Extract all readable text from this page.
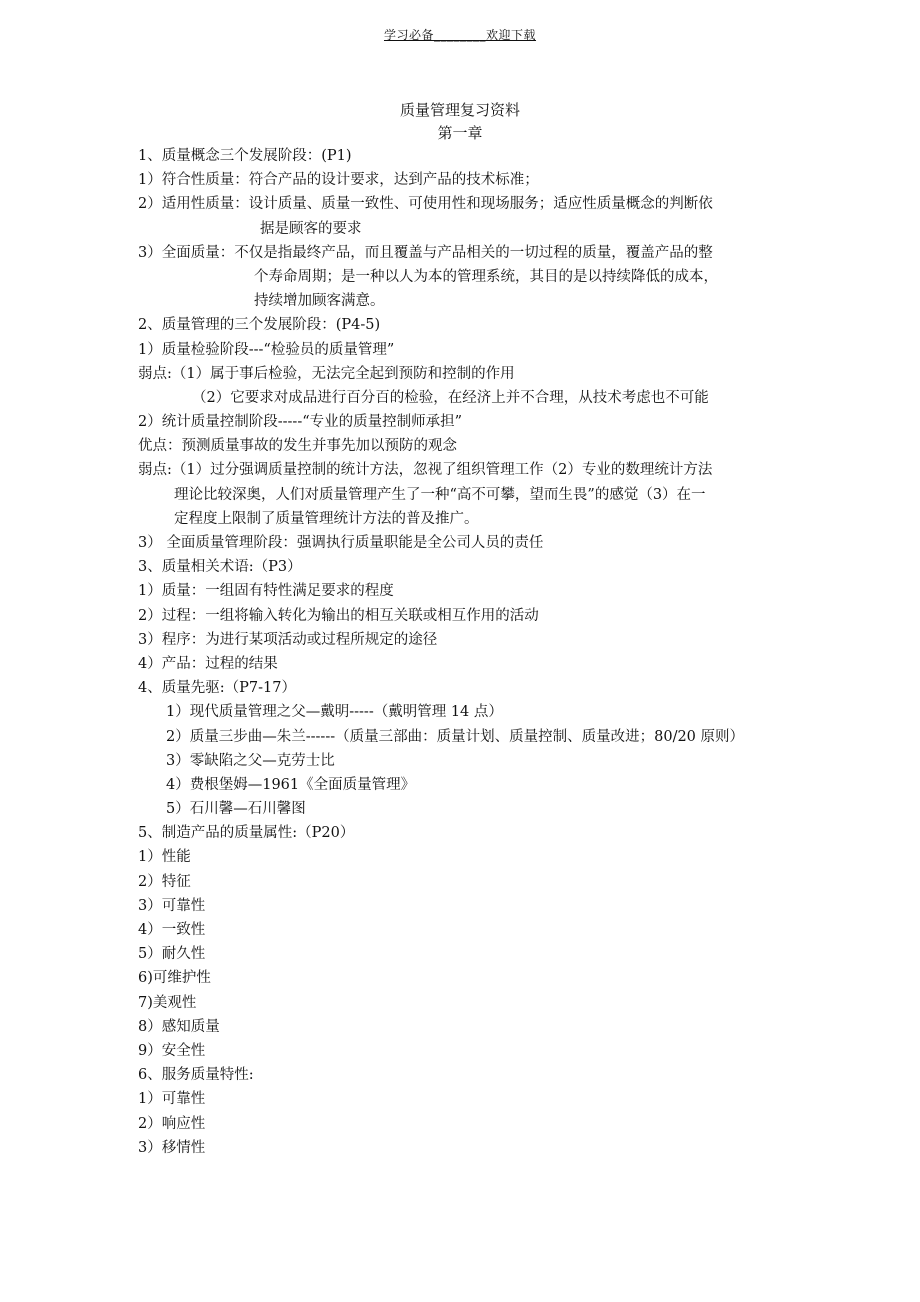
学习必备________欢迎下载
质量管理复习资料
第一章
1、质量概念三个发展阶段：(P1)
1）符合性质量：符合产品的设计要求，达到产品的技术标准；
2）适用性质量：设计质量、质量一致性、可使用性和现场服务；适应性质量概念的判断依
据是顾客的要求
3）全面质量：不仅是指最终产品，而且覆盖与产品相关的一切过程的质量，覆盖产品的整
个寿命周期；是一种以人为本的管理系统，其目的是以持续降低的成本，
持续增加顾客满意。
2、质量管理的三个发展阶段：(P4-5)
1）质量检验阶段---“检验员的质量管理”
弱点:（1）属于事后检验，无法完全起到预防和控制的作用
（2）它要求对成品进行百分百的检验，在经济上并不合理，从技术考虑也不可能
2）统计质量控制阶段-----“专业的质量控制师承担”
优点：预测质量事故的发生并事先加以预防的观念
弱点:（1）过分强调质量控制的统计方法，忽视了组织管理工作（2）专业的数理统计方法
理论比较深奥，人们对质量管理产生了一种“高不可攀，望而生畏”的感觉（3）在一
定程度上限制了质量管理统计方法的普及推广。
3） 全面质量管理阶段：强调执行质量职能是全公司人员的责任
3、质量相关术语:（P3）
1）质量：一组固有特性满足要求的程度
2）过程：一组将输入转化为输出的相互关联或相互作用的活动
3）程序：为进行某项活动或过程所规定的途径
4）产品：过程的结果
4、质量先驱:（P7-17）
1）现代质量管理之父—戴明-----（戴明管理 14 点）
2）质量三步曲—朱兰------（质量三部曲：质量计划、质量控制、质量改进；80/20 原则）
3）零缺陷之父—克劳士比
4）费根堡姆—1961《全面质量管理》
5）石川馨—石川馨图
5、制造产品的质量属性:（P20）
1）性能
2）特征
3）可靠性
4）一致性
5）耐久性
6)可维护性
7)美观性
8）感知质量
9）安全性
6、服务质量特性:
1）可靠性
2）响应性
3）移情性
